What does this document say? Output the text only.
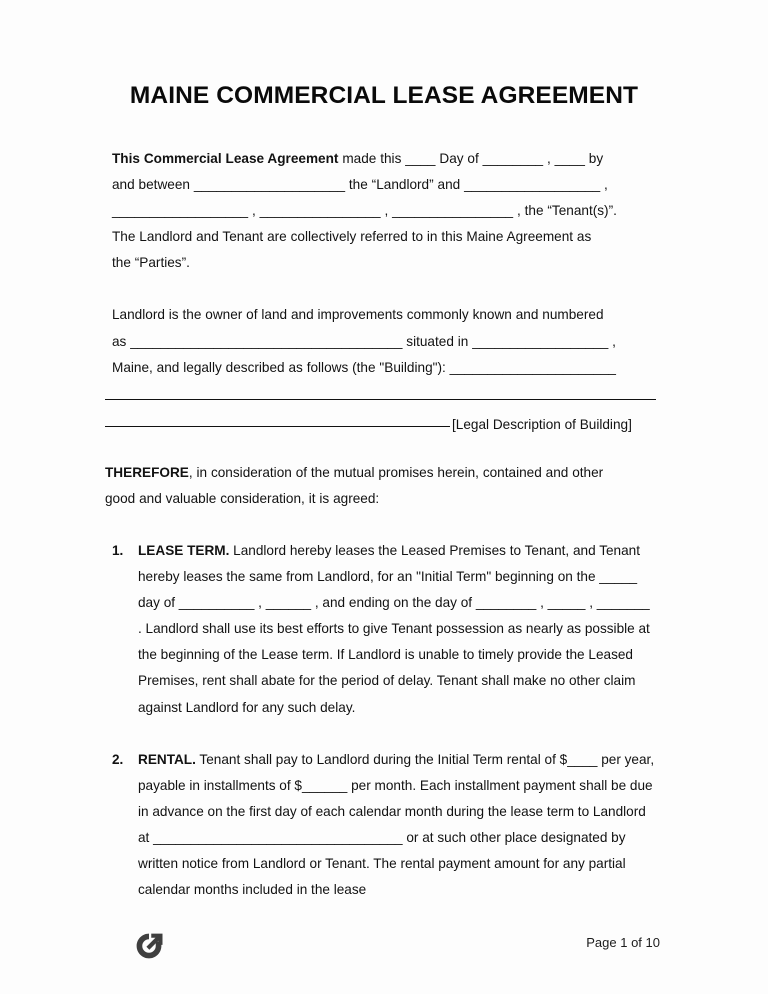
MAINE COMMERCIAL LEASE AGREEMENT

This Commercial Lease Agreement made this ____ Day of ________ , ____ by

and between ____________________ the “Landlord” and __________________ ,

__________________ , ________________ , ________________ , the “Tenant(s)”.

The Landlord and Tenant are collectively referred to in this Maine Agreement as

the “Parties”.

Landlord is the owner of land and improvements commonly known and numbered

as ____________________________________ situated in __________________ ,

Maine, and legally described as follows (the "Building"): ______________________

[Legal Description of Building]

THEREFORE, in consideration of the mutual promises herein, contained and other

good and valuable consideration, it is agreed:

1. LEASE TERM. Landlord hereby leases the Leased Premises to Tenant, and Tenant hereby leases the same from Landlord, for an "Initial Term" beginning on the _____ day of __________ , ______ , and ending on the day of ________ , _____ , _______ . Landlord shall use its best efforts to give Tenant possession as nearly as possible at the beginning of the Lease term. If Landlord is unable to timely provide the Leased Premises, rent shall abate for the period of delay. Tenant shall make no other claim against Landlord for any such delay.
2. RENTAL. Tenant shall pay to Landlord during the Initial Term rental of $____ per year, payable in installments of $______ per month. Each installment payment shall be due in advance on the first day of each calendar month during the lease term to Landlord at _________________________________ or at such other place designated by written notice from Landlord or Tenant. The rental payment amount for any partial calendar months included in the lease
Page 1 of 10
